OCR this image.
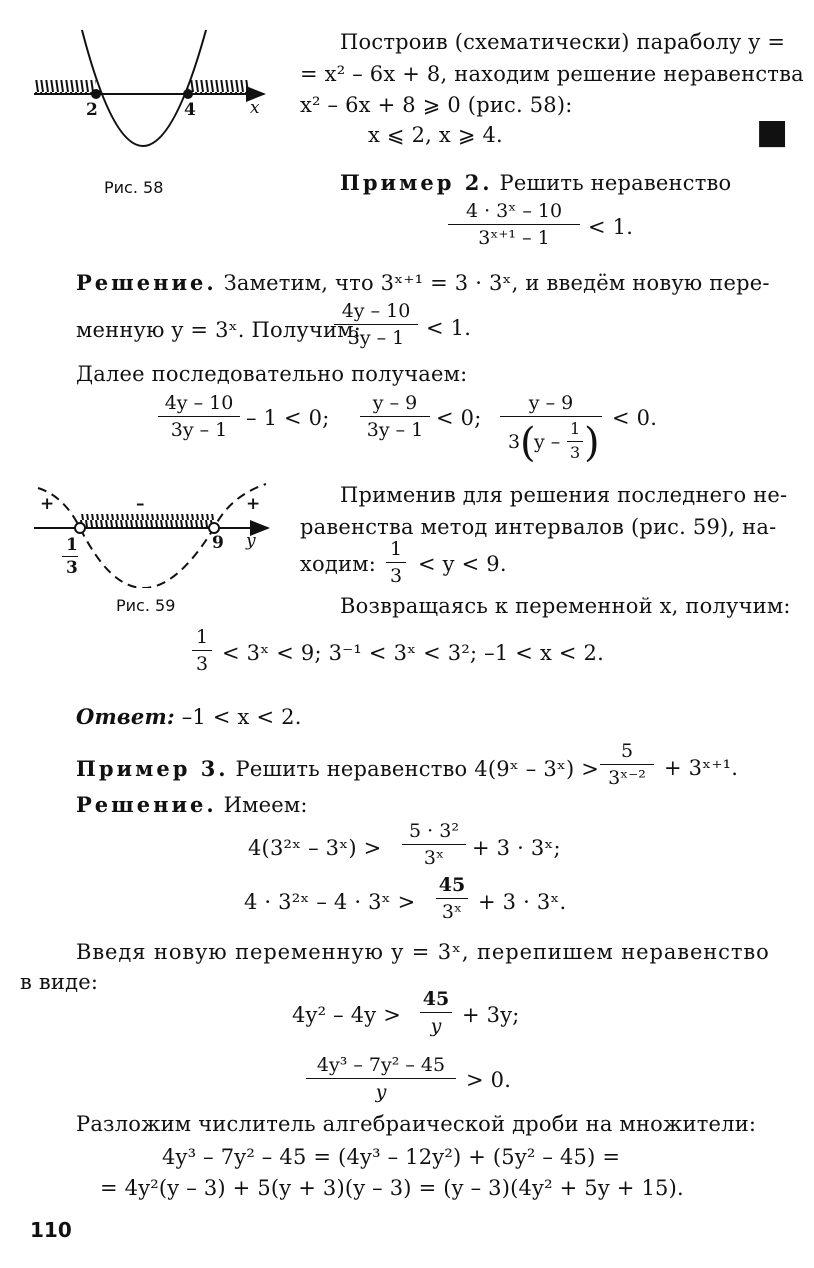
2	4	x
Рис. 58
Построив (схематически) параболу y =
= x² – 6x + 8, находим решение неравенства
x² – 6x + 8 ⩾ 0 (рис. 58):
x ⩽ 2, x ⩾ 4.	■
Пример 2. Решить неравенство
4 · 3ˣ – 10
3ˣ⁺¹ – 1	< 1.
Решение. Заметим, что 3ˣ⁺¹ = 3 · 3ˣ, и введём новую пере-
менную y = 3ˣ. Получим:
4y – 10
3y – 1	< 1.
Далее последовательно получаем:
4y – 10
3y – 1 – 1 < 0;
y – 9
3y – 1 < 0;
y – 9
3 (
y –
1
3 )
< 0.
+	–	+
1
3
9 y
Рис. 59
Применив для решения последнего не-
равенства метод интервалов (рис. 59), на-
ходим:
1
3 < y < 9.
Возвращаясь к переменной x, получим:
1
3 < 3ˣ < 9; 3⁻¹ < 3ˣ < 3²; –1 < x < 2.
Ответ: –1 < x < 2.
Пример 3. Решить неравенство 4(9ˣ – 3ˣ) >
5
3ˣ⁻² + 3ˣ⁺¹.
Решение. Имеем:
4(3²ˣ – 3ˣ) >
5 · 3²
3ˣ	+ 3 · 3ˣ;
4 · 3²ˣ – 4 · 3ˣ >
45
3ˣ + 3 · 3ˣ.
Введя новую переменную y = 3ˣ, перепишем неравенство
в виде:
4y² – 4y >
45
y + 3y;
4y³ – 7y² – 45
y	> 0.
Разложим числитель алгебраической дроби на множители:
4y³ – 7y² – 45 = (4y³ – 12y²) + (5y² – 45) =
= 4y²(y – 3) + 5(y + 3)(y – 3) = (y – 3)(4y² + 5y + 15).
110
